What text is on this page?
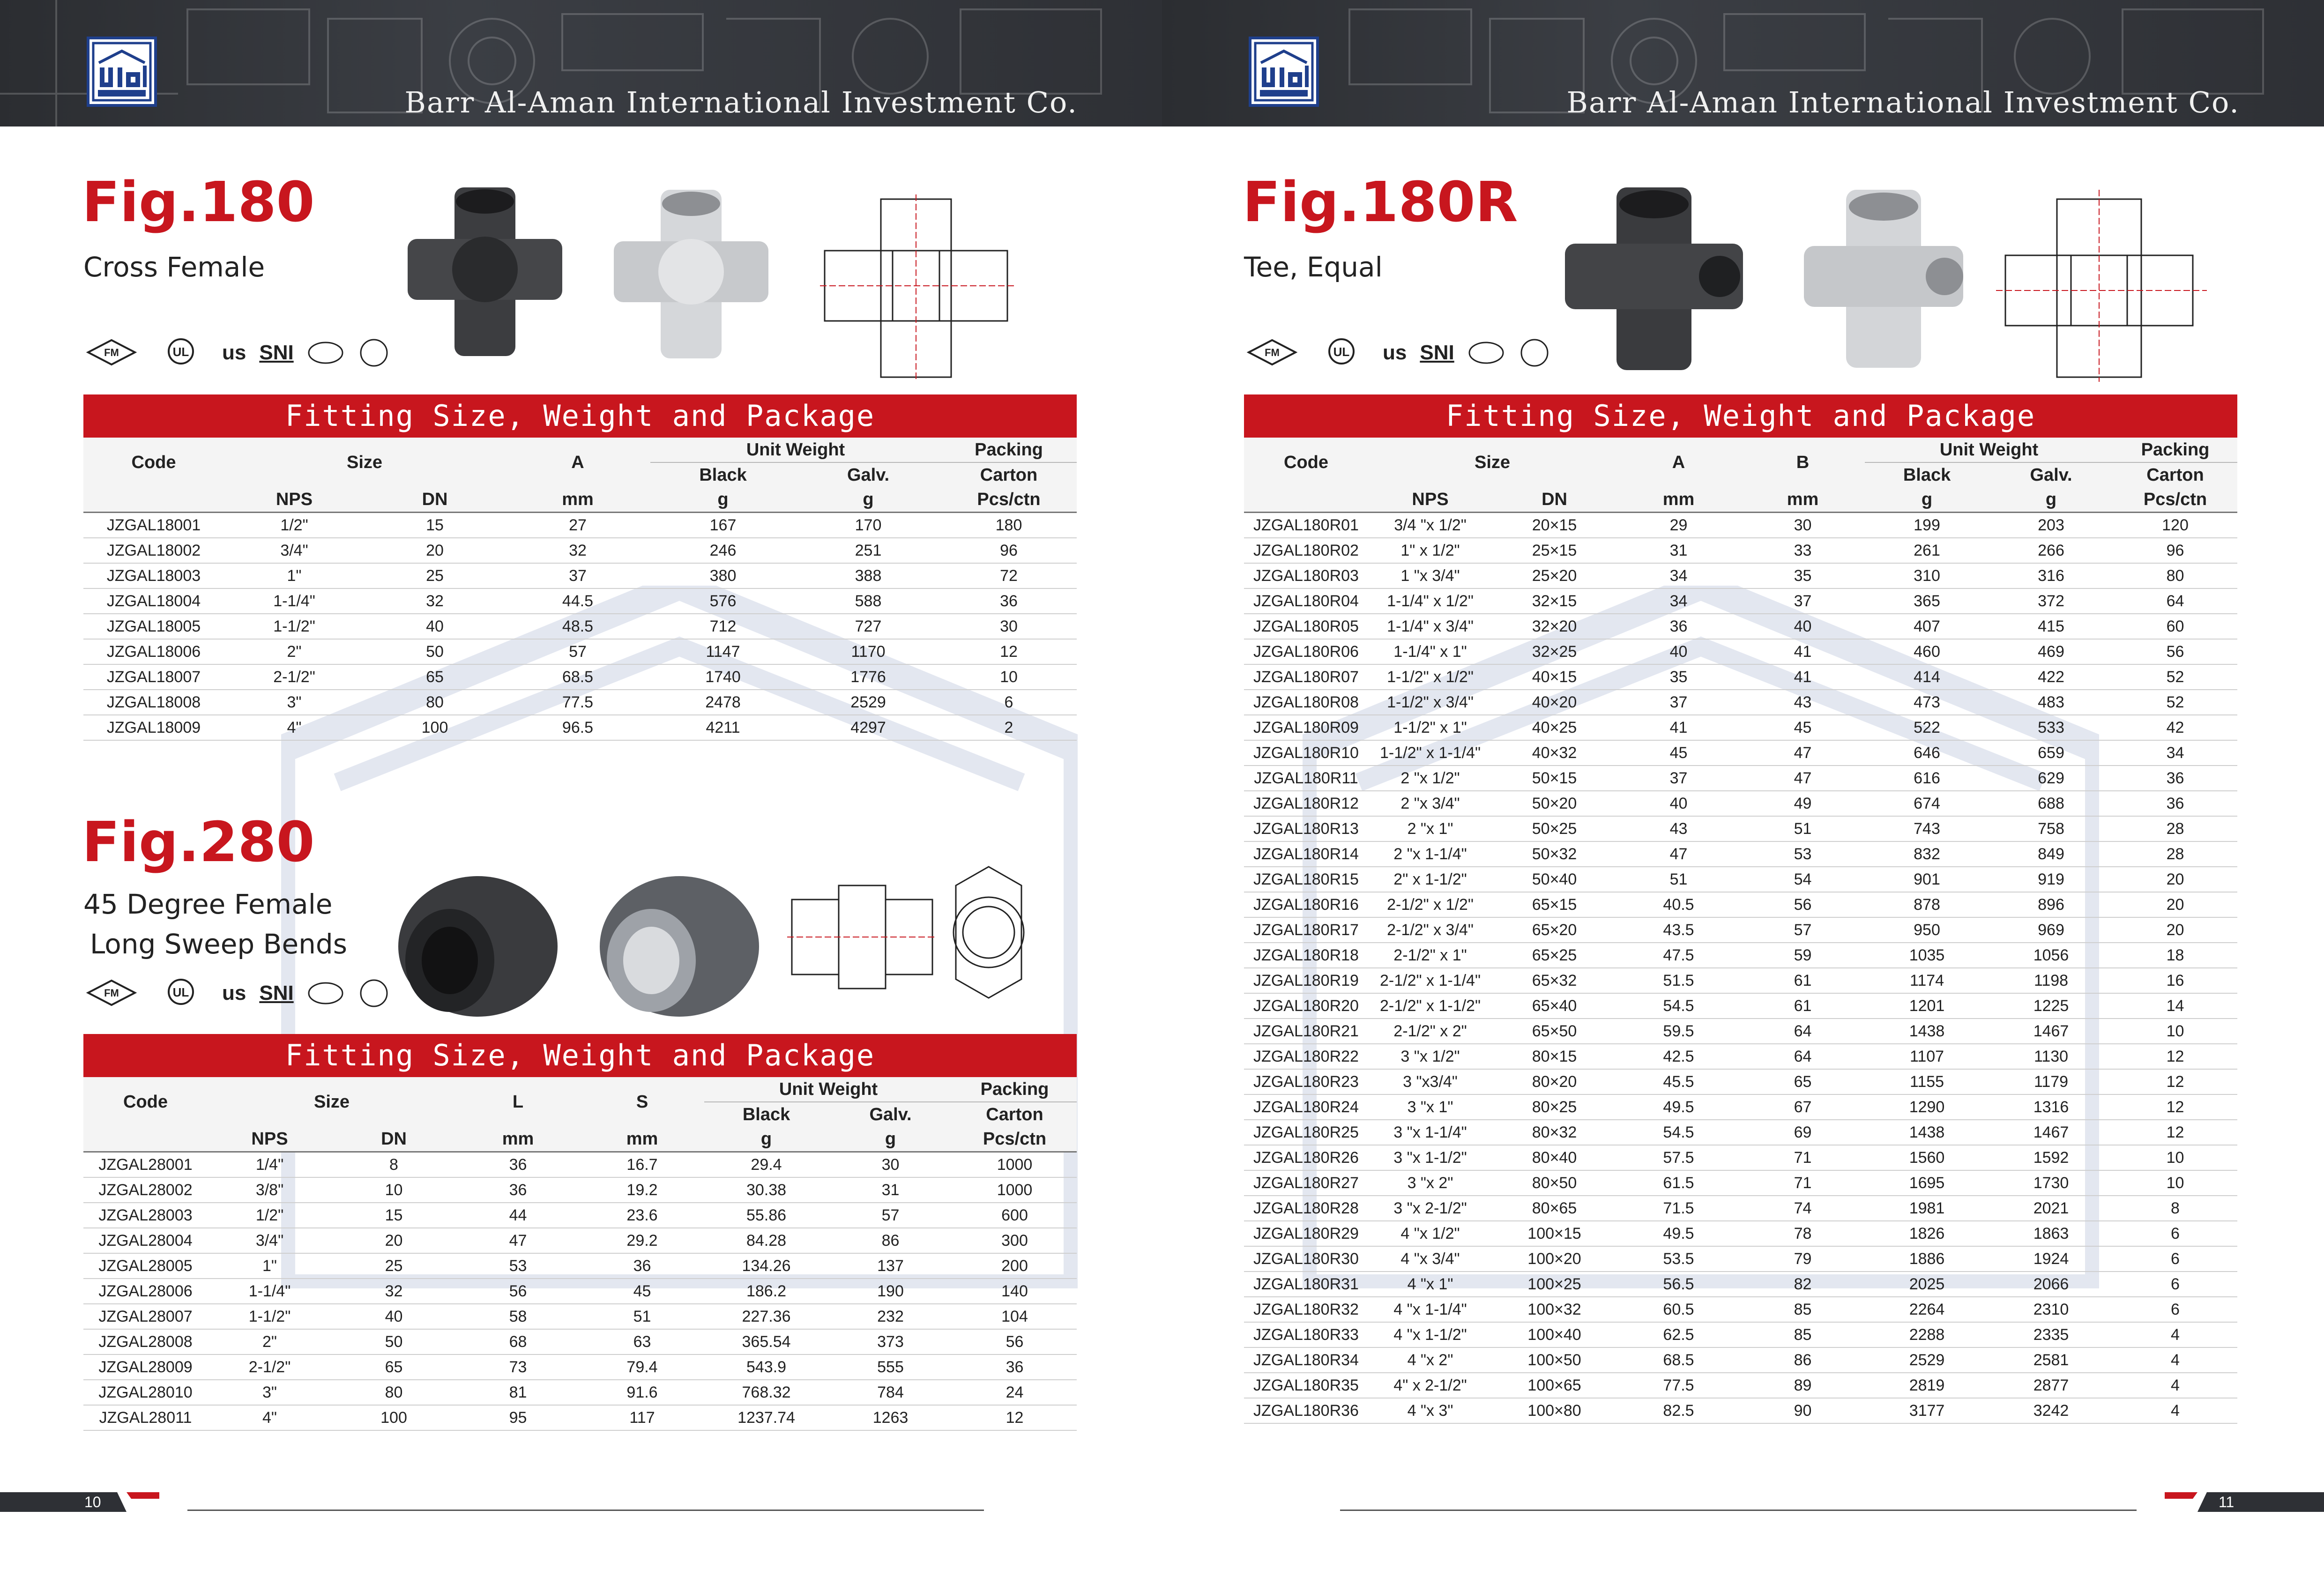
Barr Al-Aman International Investment Co.
Fig.180
Cross Female
FM	UL us SNI
Fitting Size, Weight and Package
Code	Size		A	Unit Weight		Packing
				Black	Galv.	Carton
	NPS	DN	mm	g	g	Pcs/ctn
JZGAL18001	1/2"	15	27	167	170	180
JZGAL18002	3/4"	20	32	246	251	96
JZGAL18003	1"	25	37	380	388	72
JZGAL18004	1-1/4"	32	44.5	576	588	36
JZGAL18005	1-1/2"	40	48.5	712	727	30
JZGAL18006	2"	50	57	1147	1170	12
JZGAL18007	2-1/2"	65	68.5	1740	1776	10
JZGAL18008	3"	80	77.5	2478	2529	6
JZGAL18009	4"	100	96.5	4211	4297	2
Fig.280
45 Degree Female
Long Sweep Bends
FM	UL us SNI
Fitting Size, Weight and Package
Code	Size		L	S	Unit Weight		Packing
					Black	Galv.	Carton
	NPS	DN	mm	mm	g	g	Pcs/ctn
JZGAL28001	1/4"	8	36	16.7	29.4	30	1000
JZGAL28002	3/8"	10	36	19.2	30.38	31	1000
JZGAL28003	1/2"	15	44	23.6	55.86	57	600
JZGAL28004	3/4"	20	47	29.2	84.28	86	300
JZGAL28005	1"	25	53	36	134.26	137	200
JZGAL28006	1-1/4"	32	56	45	186.2	190	140
JZGAL28007	1-1/2"	40	58	51	227.36	232	104
JZGAL28008	2"	50	68	63	365.54	373	56
JZGAL28009	2-1/2"	65	73	79.4	543.9	555	36
JZGAL28010	3"	80	81	91.6	768.32	784	24
JZGAL28011	4"	100	95	117	1237.74	1263	12
10
Barr Al-Aman International Investment Co.
Fig.180R
Tee, Equal
FM	UL us SNI
Fitting Size, Weight and Package
Code	Size		A	B	Unit Weight		Packing
					Black	Galv.	Carton
	NPS	DN	mm	mm	g	g	Pcs/ctn
JZGAL180R01	3/4 "x 1/2"	20×15	29	30	199	203	120
JZGAL180R02	1" x 1/2"	25×15	31	33	261	266	96
JZGAL180R03	1 "x 3/4"	25×20	34	35	310	316	80
JZGAL180R04	1-1/4" x 1/2"	32×15	34	37	365	372	64
JZGAL180R05	1-1/4" x 3/4"	32×20	36	40	407	415	60
JZGAL180R06	1-1/4" x 1"	32×25	40	41	460	469	56
JZGAL180R07	1-1/2" x 1/2"	40×15	35	41	414	422	52
JZGAL180R08	1-1/2" x 3/4"	40×20	37	43	473	483	52
JZGAL180R09	1-1/2" x 1"	40×25	41	45	522	533	42
JZGAL180R10	1-1/2" x 1-1/4"	40×32	45	47	646	659	34
JZGAL180R11	2 "x 1/2"	50×15	37	47	616	629	36
JZGAL180R12	2 "x 3/4"	50×20	40	49	674	688	36
JZGAL180R13	2 "x 1"	50×25	43	51	743	758	28
JZGAL180R14	2 "x 1-1/4"	50×32	47	53	832	849	28
JZGAL180R15	2" x 1-1/2"	50×40	51	54	901	919	20
JZGAL180R16	2-1/2" x 1/2"	65×15	40.5	56	878	896	20
JZGAL180R17	2-1/2" x 3/4"	65×20	43.5	57	950	969	20
JZGAL180R18	2-1/2" x 1"	65×25	47.5	59	1035	1056	18
JZGAL180R19	2-1/2" x 1-1/4"	65×32	51.5	61	1174	1198	16
JZGAL180R20	2-1/2" x 1-1/2"	65×40	54.5	61	1201	1225	14
JZGAL180R21	2-1/2" x 2"	65×50	59.5	64	1438	1467	10
JZGAL180R22	3 "x 1/2"	80×15	42.5	64	1107	1130	12
JZGAL180R23	3 "x3/4"	80×20	45.5	65	1155	1179	12
JZGAL180R24	3 "x 1"	80×25	49.5	67	1290	1316	12
JZGAL180R25	3 "x 1-1/4"	80×32	54.5	69	1438	1467	12
JZGAL180R26	3 "x 1-1/2"	80×40	57.5	71	1560	1592	10
JZGAL180R27	3 "x 2"	80×50	61.5	71	1695	1730	10
JZGAL180R28	3 "x 2-1/2"	80×65	71.5	74	1981	2021	8
JZGAL180R29	4 "x 1/2"	100×15	49.5	78	1826	1863	6
JZGAL180R30	4 "x 3/4"	100×20	53.5	79	1886	1924	6
JZGAL180R31	4 "x 1"	100×25	56.5	82	2025	2066	6
JZGAL180R32	4 "x 1-1/4"	100×32	60.5	85	2264	2310	6
JZGAL180R33	4 "x 1-1/2"	100×40	62.5	85	2288	2335	4
JZGAL180R34	4 "x 2"	100×50	68.5	86	2529	2581	4
JZGAL180R35	4" x 2-1/2"	100×65	77.5	89	2819	2877	4
JZGAL180R36	4 "x 3"	100×80	82.5	90	3177	3242	4
11
